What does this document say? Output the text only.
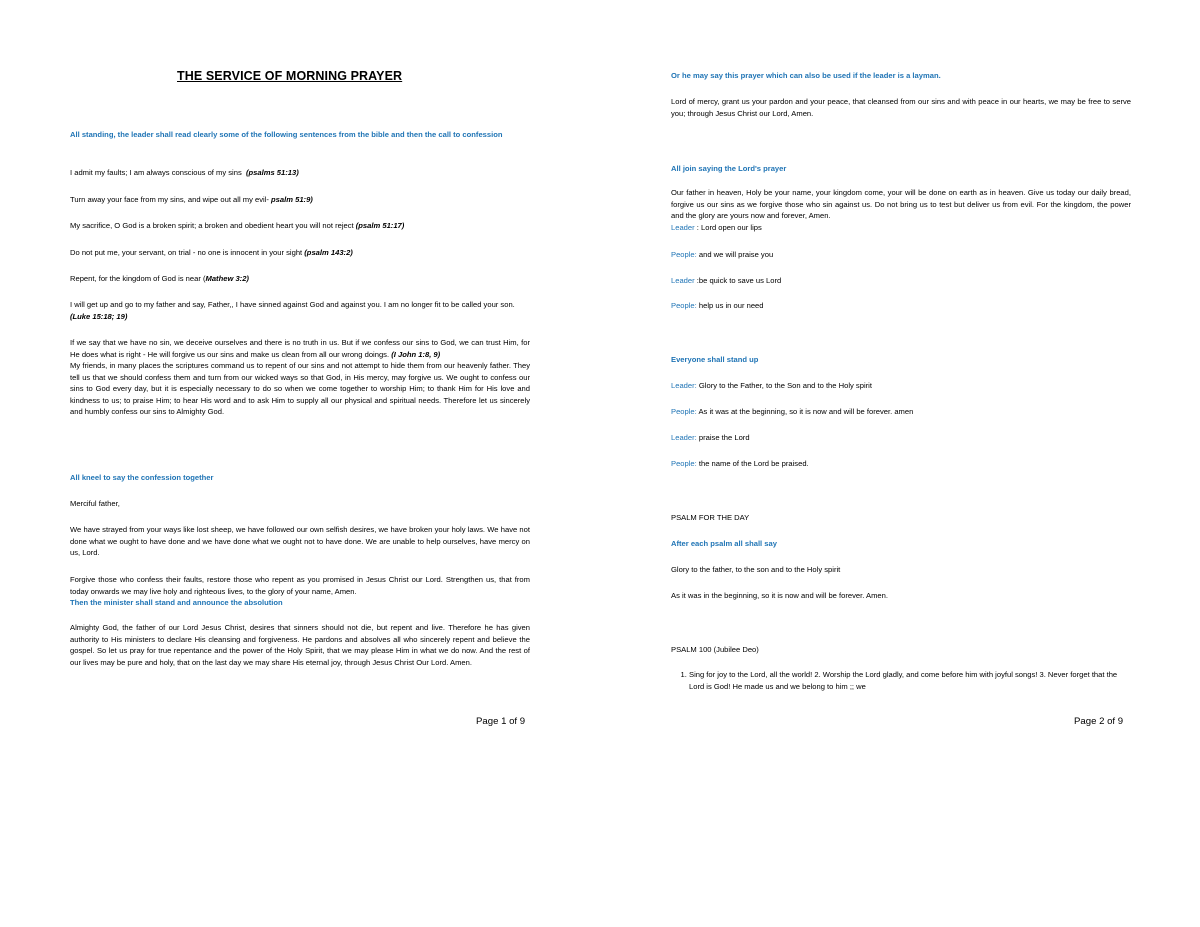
THE SERVICE OF MORNING PRAYER
All standing, the leader shall read clearly some of the following sentences from the bible and then the call to confession
I admit my faults; I am always conscious of my sins (psalms 51:13)
Turn away your face from my sins, and wipe out all my evil- psalm 51:9)
My sacrifice, O God is a broken spirit; a broken and obedient heart you will not reject (psalm 51:17)
Do not put me, your servant, on trial - no one is innocent in your sight (psalm 143:2)
Repent, for the kingdom of God is near (Mathew 3:2)
I will get up and go to my father and say, Father,, I have sinned against God and against you. I am no longer fit to be called your son.  (Luke 15:18; 19)
If we say that we have no sin, we deceive ourselves and there is no truth in us. But if we confess our sins to God, we can trust Him, for He does what is right - He will forgive us our sins and make us clean from all our wrong doings. (I John 1:8, 9)
My friends, in many places the scriptures command us to repent of our sins and not attempt to hide them from our heavenly father. They tell us that we should confess them and turn from our wicked ways so that God, in His mercy, may forgive us. We ought to confess our sins to God every day, but it is especially necessary to do so when we come together to worship Him; to thank Him for His love and kindness to us; to praise Him; to hear His word and to ask Him to supply all our physical and spiritual needs. Therefore let us sincerely and humbly confess our sins to Almighty God.
All kneel to say the confession together
Merciful father,
We have strayed from your ways like lost sheep, we have followed our own selfish desires, we have broken your holy laws. We have not done what we ought to have done and we have done what we ought not to have done. We are unable to help ourselves, have mercy on us, Lord.
Forgive those who confess their faults, restore those who repent as you promised in Jesus Christ our Lord. Strengthen us, that from today onwards we may live holy and righteous lives, to the glory of your name, Amen.
Then the minister shall stand and announce the absolution
Almighty God, the father of our Lord Jesus Christ, desires that sinners should not die, but repent and live. Therefore he has given authority to His ministers to declare His cleansing and forgiveness. He pardons and absolves all who sincerely repent and believe the gospel. So let us pray for true repentance and the power of the Holy Spirit, that we may please Him in what we do now. And the rest of our lives may be pure and holy, that on the last day we may share His eternal joy, through Jesus Christ Our Lord. Amen.
Page 1 of 9
Or he may say this prayer which can also be used if the leader is a layman.
Lord of mercy, grant us your pardon and your peace, that cleansed from our sins and with peace in our hearts, we may be free to serve you; through Jesus Christ our Lord, Amen.
All join saying the Lord's prayer
Our father in heaven, Holy be your name, your kingdom come, your will be done on earth as in heaven. Give us today our daily bread, forgive us our sins as we forgive those who sin against us. Do not bring us to test but deliver us from evil. For the kingdom, the power and the glory are yours now and forever, Amen.
Leader : Lord open our lips
People: and we will praise you
Leader :be quick to save us Lord
People: help us in our need
Everyone shall stand up
Leader: Glory to the Father, to the Son and to the Holy spirit
People: As it was at the beginning, so it is now and will be forever. amen
Leader: praise the Lord
People: the name of the Lord be praised.
PSALM FOR THE DAY
After each psalm all shall say
Glory to the father, to the son and to the Holy spirit
As it was in the beginning, so it is now and will be forever. Amen.
PSALM 100 (Jubilee Deo)
1. Sing for joy to the Lord, all the world! 2. Worship the Lord gladly, and come before him with joyful songs! 3. Never forget that the Lord is God! He made us and we belong to him ;; we
Page 2 of 9
